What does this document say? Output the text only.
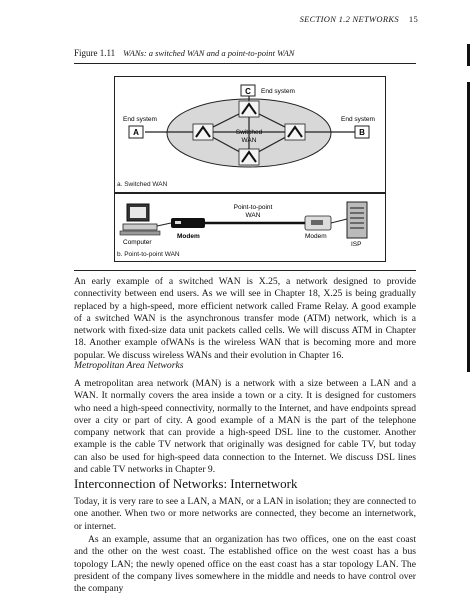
SECTION 1.2 NETWORKS 15
Figure 1.11 WANs: a switched WAN and a point-to-point WAN
C End system
A
End system
B
End system
Switched
WAN
a. Switched WAN
Point-to-point
WAN
Computer
Modem	Modem
ISP
b. Point-to-point WAN

An early example of a switched WAN is X.25, a network designed to provide connectivity between end users. As we will see in Chapter 18, X.25 is being gradually replaced by a high-speed, more efficient network called Frame Relay. A good example of a switched WAN is the asynchronous transfer mode (ATM) network, which is a network with fixed-size data unit packets called cells. We will discuss ATM in Chapter 18. Another example ofWANs is the wireless WAN that is becoming more and more popular. We discuss wireless WANs and their evolution in Chapter 16.

Metropolitan Area Networks

A metropolitan area network (MAN) is a network with a size between a LAN and a WAN. It normally covers the area inside a town or a city. It is designed for customers who need a high-speed connectivity, normally to the Internet, and have endpoints spread over a city or part of city. A good example of a MAN is the part of the telephone company network that can provide a high-speed DSL line to the customer. Another example is the cable TV network that originally was designed for cable TV, but today can also be used for high-speed data connection to the Internet. We discuss DSL lines and cable TV networks in Chapter 9.

Interconnection of Networks: Internetwork

Today, it is very rare to see a LAN, a MAN, or a LAN in isolation; they are connected to one another. When two or more networks are connected, they become an internetwork, or internet.

As an example, assume that an organization has two offices, one on the east coast and the other on the west coast. The established office on the west coast has a bus topology LAN; the newly opened office on the east coast has a star topology LAN. The president of the company lives somewhere in the middle and needs to have control over the company
